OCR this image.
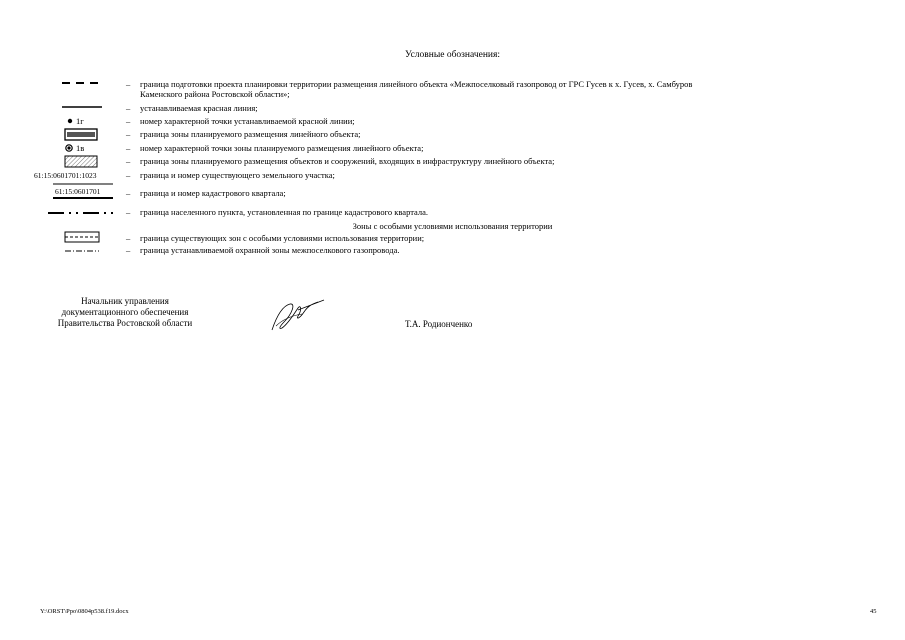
Условные обозначения:
– граница подготовки проекта планировки территории размещения линейного объекта «Межпоселковый газопровод от ГРС Гусев к х. Гусев, х. Самбуров
Каменского района Ростовской области»;
– устанавливаемая красная линия;
1г	– номер характерной точки устанавливаемой красной линии;
– граница зоны планируемого размещения линейного объекта;
1в	– номер характерной точки зоны планируемого размещения линейного объекта;
– граница зоны планируемого размещения объектов и сооружений, входящих в инфраструктуру линейного объекта;
61:15:0601701:1023	– граница и номер существующего земельного участка;
61:15:0601701	– граница и номер кадастрового квартала;
– граница населенного пункта, установленная по границе кадастрового квартала.
Зоны с особыми условиями использования территории
– граница существующих зон с особыми условиями использования территории;
– граница устанавливаемой охранной зоны межпоселкового газопровода.
Начальник управления
документационного обеспечения
Правительства Ростовской области	Т.А. Родионченко
Y:\ORST\Ppo\0804p538.f19.docx	45
